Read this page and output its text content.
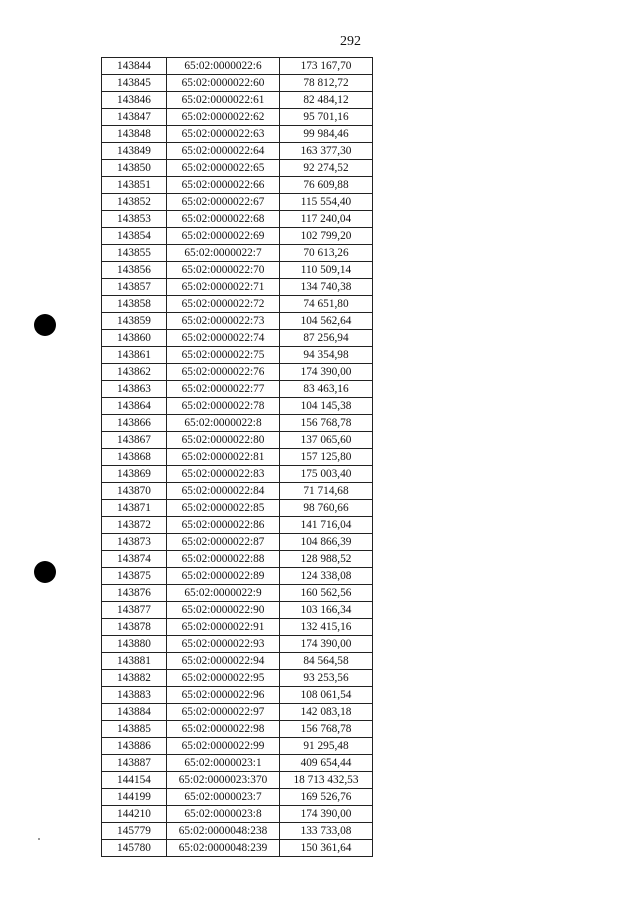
292
143844	65:02:0000022:6	173 167,70
143845	65:02:0000022:60	78 812,72
143846	65:02:0000022:61	82 484,12
143847	65:02:0000022:62	95 701,16
143848	65:02:0000022:63	99 984,46
143849	65:02:0000022:64	163 377,30
143850	65:02:0000022:65	92 274,52
143851	65:02:0000022:66	76 609,88
143852	65:02:0000022:67	115 554,40
143853	65:02:0000022:68	117 240,04
143854	65:02:0000022:69	102 799,20
143855	65:02:0000022:7	70 613,26
143856	65:02:0000022:70	110 509,14
143857	65:02:0000022:71	134 740,38
143858	65:02:0000022:72	74 651,80
143859	65:02:0000022:73	104 562,64
143860	65:02:0000022:74	87 256,94
143861	65:02:0000022:75	94 354,98
143862	65:02:0000022:76	174 390,00
143863	65:02:0000022:77	83 463,16
143864	65:02:0000022:78	104 145,38
143866	65:02:0000022:8	156 768,78
143867	65:02:0000022:80	137 065,60
143868	65:02:0000022:81	157 125,80
143869	65:02:0000022:83	175 003,40
143870	65:02:0000022:84	71 714,68
143871	65:02:0000022:85	98 760,66
143872	65:02:0000022:86	141 716,04
143873	65:02:0000022:87	104 866,39
143874	65:02:0000022:88	128 988,52
143875	65:02:0000022:89	124 338,08
143876	65:02:0000022:9	160 562,56
143877	65:02:0000022:90	103 166,34
143878	65:02:0000022:91	132 415,16
143880	65:02:0000022:93	174 390,00
143881	65:02:0000022:94	84 564,58
143882	65:02:0000022:95	93 253,56
143883	65:02:0000022:96	108 061,54
143884	65:02:0000022:97	142 083,18
143885	65:02:0000022:98	156 768,78
143886	65:02:0000022:99	91 295,48
143887	65:02:0000023:1	409 654,44
144154	65:02:0000023:370	18 713 432,53
144199	65:02:0000023:7	169 526,76
144210	65:02:0000023:8	174 390,00
145779	65:02:0000048:238	133 733,08
145780	65:02:0000048:239	150 361,64
